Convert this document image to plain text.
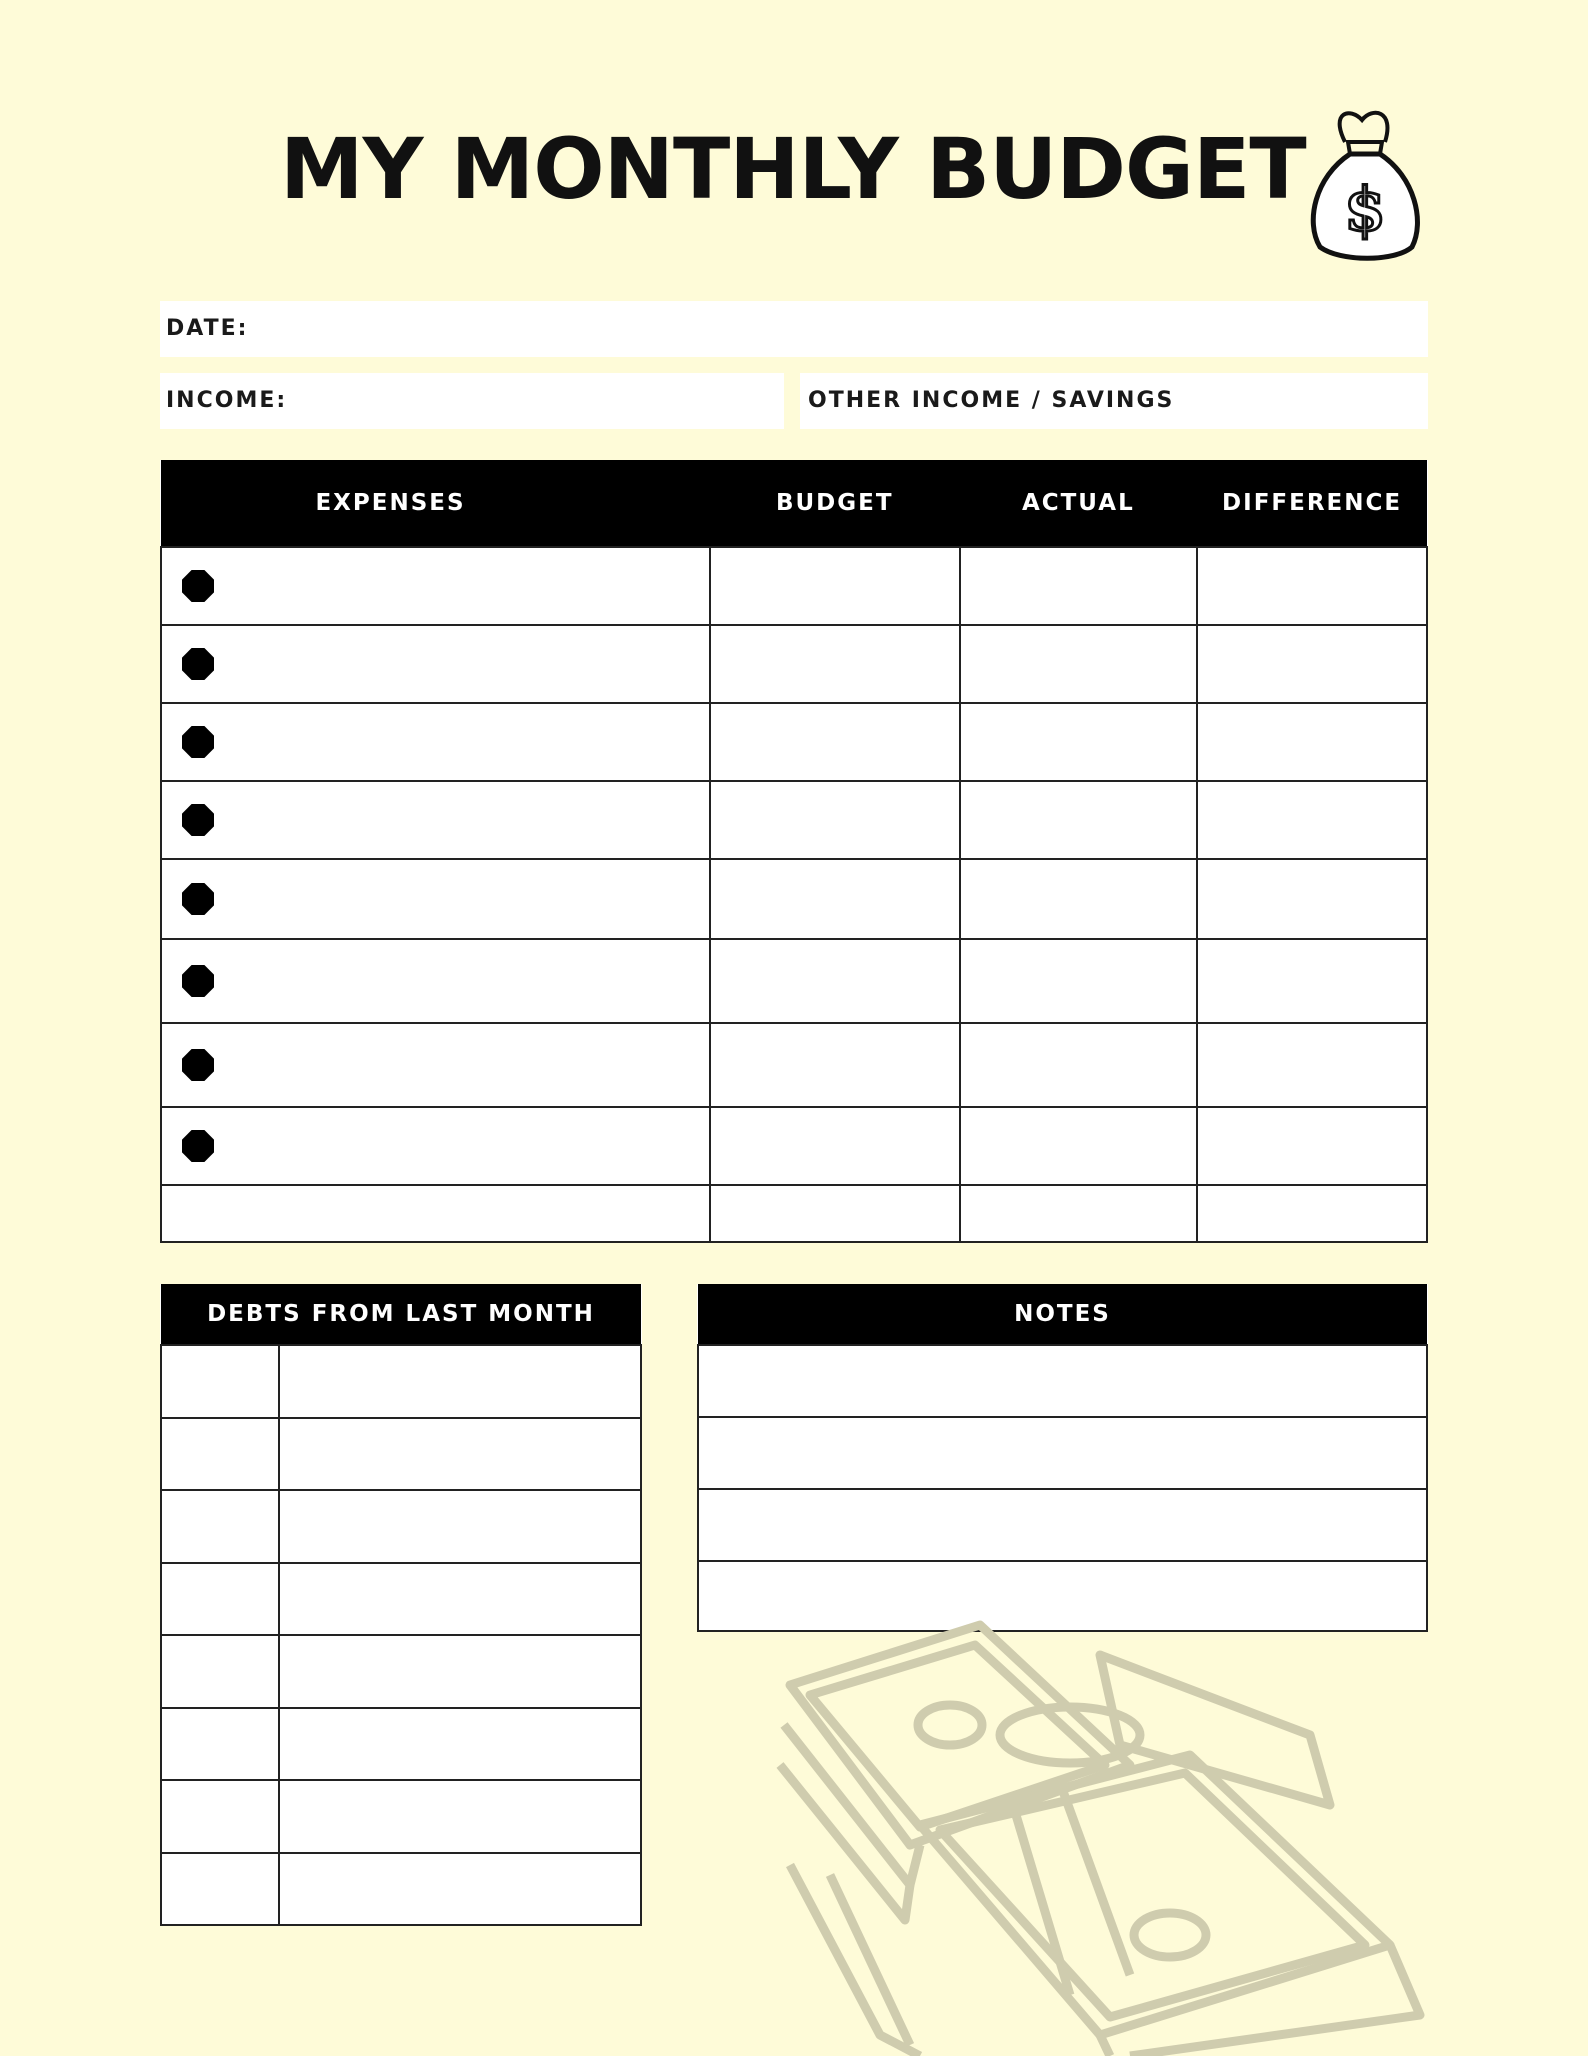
MY MONTHLY BUDGET $
DATE:
INCOME:	OTHER INCOME / SAVINGS
EXPENSES	BUDGET	ACTUAL	DIFFERENCE

DEBTS FROM LAST MONTH	

		NOTES
